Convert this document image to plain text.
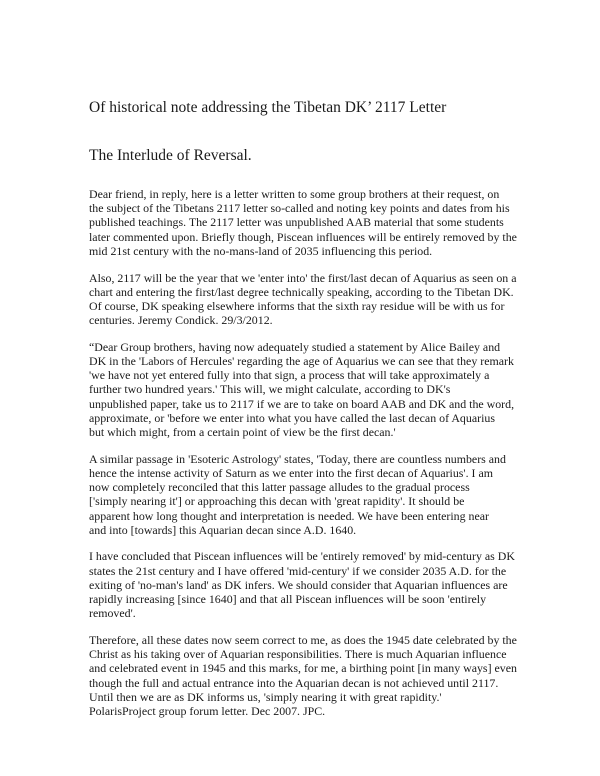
Of historical note addressing the Tibetan DK’ 2117 Letter
The Interlude of Reversal.

Dear friend, in reply, here is a letter written to some group brothers at their request, on
the subject of the Tibetans 2117 letter so-called and noting key points and dates from his
published teachings. The 2117 letter was unpublished AAB material that some students
later commented upon. Briefly though, Piscean influences will be entirely removed by the
mid 21st century with the no-mans-land of 2035 influencing this period.

Also, 2117 will be the year that we 'enter into' the first/last decan of Aquarius as seen on a
chart and entering the first/last degree technically speaking, according to the Tibetan DK.
Of course, DK speaking elsewhere informs that the sixth ray residue will be with us for
centuries. Jeremy Condick. 29/3/2012.

“Dear Group brothers, having now adequately studied a statement by Alice Bailey and
DK in the 'Labors of Hercules' regarding the age of Aquarius we can see that they remark
'we have not yet entered fully into that sign, a process that will take approximately a
further two hundred years.' This will, we might calculate, according to DK's
unpublished paper, take us to 2117 if we are to take on board AAB and DK and the word,
approximate, or 'before we enter into what you have called the last decan of Aquarius
but which might, from a certain point of view be the first decan.'

A similar passage in 'Esoteric Astrology' states, 'Today, there are countless numbers and
hence the intense activity of Saturn as we enter into the first decan of Aquarius'. I am
now completely reconciled that this latter passage alludes to the gradual process
['simply nearing it'] or approaching this decan with 'great rapidity'. It should be
apparent how long thought and interpretation is needed. We have been entering near
and into [towards] this Aquarian decan since A.D. 1640.

I have concluded that Piscean influences will be 'entirely removed' by mid-century as DK
states the 21st century and I have offered 'mid-century' if we consider 2035 A.D. for the
exiting of 'no-man's land' as DK infers. We should consider that Aquarian influences are
rapidly increasing [since 1640] and that all Piscean influences will be soon 'entirely
removed'.

Therefore, all these dates now seem correct to me, as does the 1945 date celebrated by the
Christ as his taking over of Aquarian responsibilities. There is much Aquarian influence
and celebrated event in 1945 and this marks, for me, a birthing point [in many ways] even
though the full and actual entrance into the Aquarian decan is not achieved until 2117.
Until then we are as DK informs us, 'simply nearing it with great rapidity.'
PolarisProject group forum letter. Dec 2007. JPC.
